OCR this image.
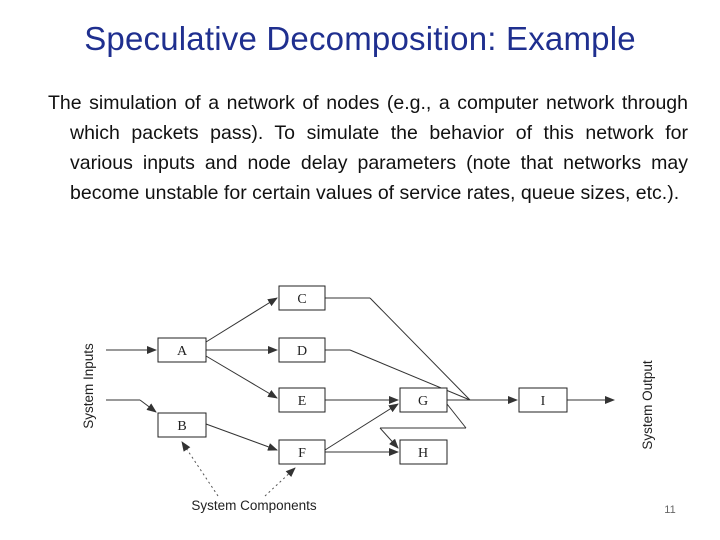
Speculative Decomposition: Example
The simulation of a network of nodes (e.g., a computer network through which packets pass). To simulate the behavior of this network for various inputs and node delay parameters (note that networks may become unstable for certain values of service rates, queue sizes, etc.).
A
B
C
D
E
F
G
H
I
System Inputs	System Output
System Components	11
